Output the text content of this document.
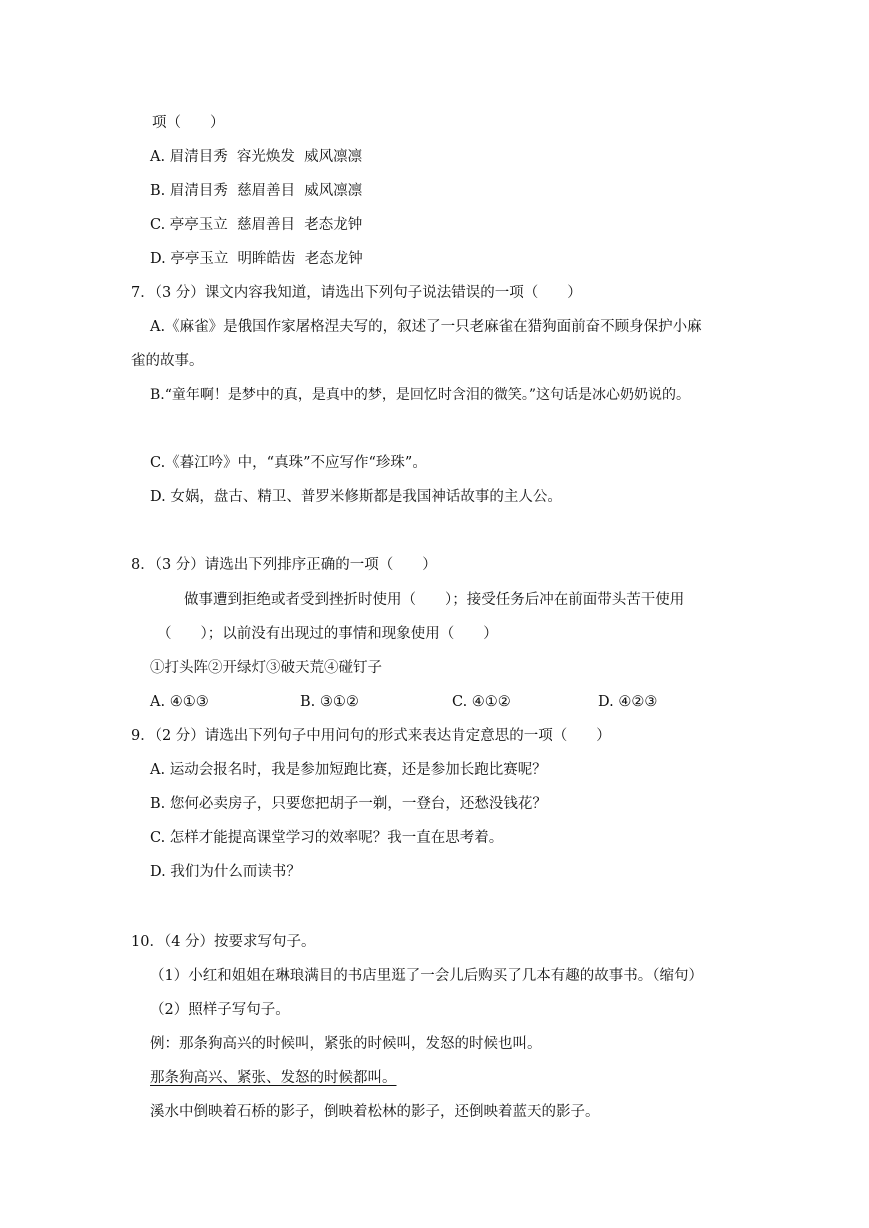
项（　　）
A. 眉清目秀  容光焕发  威风凛凛
B. 眉清目秀  慈眉善目  威风凛凛
C. 亭亭玉立  慈眉善目  老态龙钟
D. 亭亭玉立  明眸皓齿  老态龙钟
7．（3 分）课文内容我知道，请选出下列句子说法错误的一项（　　）
A.《麻雀》是俄国作家屠格涅夫写的，叙述了一只老麻雀在猎狗面前奋不顾身保护小麻
雀的故事。
B.“童年啊！是梦中的真，是真中的梦，是回忆时含泪的微笑。”这句话是冰心奶奶说的。
C.《暮江吟》中，“真珠”不应写作“珍珠”。
D. 女娲，盘古、精卫、普罗米修斯都是我国神话故事的主人公。
8．（3 分）请选出下列排序正确的一项（　　）
做事遭到拒绝或者受到挫折时使用（　　）；接受任务后冲在前面带头苦干使用
（　　）；以前没有出现过的事情和现象使用（　　）
①打头阵②开绿灯③破天荒④碰钉子
A. ④①③	B. ③①②	C. ④①②	D. ④②③
9．（2 分）请选出下列句子中用问句的形式来表达肯定意思的一项（　　）
A. 运动会报名时，我是参加短跑比赛，还是参加长跑比赛呢？
B. 您何必卖房子，只要您把胡子一剃，一登台，还愁没钱花？
C. 怎样才能提高课堂学习的效率呢？我一直在思考着。
D. 我们为什么而读书？
10．（4 分）按要求写句子。
（1）小红和姐姐在琳琅满目的书店里逛了一会儿后购买了几本有趣的故事书。（缩句）
（2）照样子写句子。
例：那条狗高兴的时候叫，紧张的时候叫，发怒的时候也叫。
那条狗高兴、紧张、发怒的时候都叫。
溪水中倒映着石桥的影子，倒映着松林的影子，还倒映着蓝天的影子。
